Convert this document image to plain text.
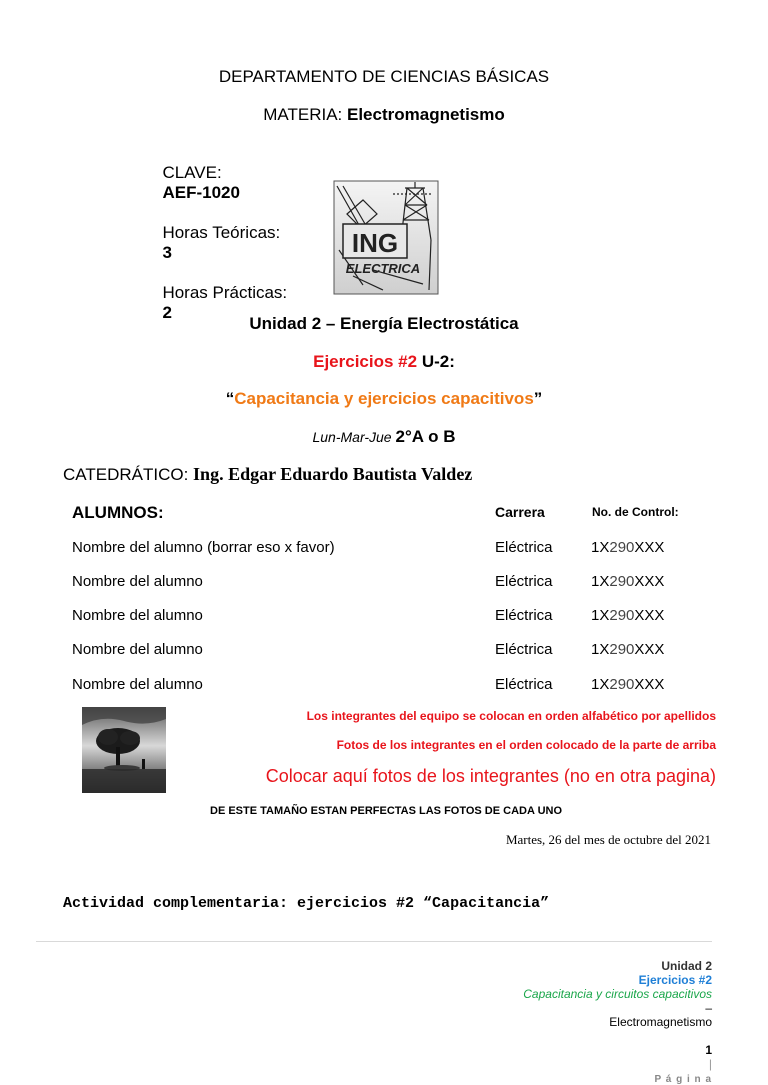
DEPARTAMENTO DE CIENCIAS BÁSICAS
MATERIA: Electromagnetismo

CLAVE:
AEF-1020

Horas Teóricas:
3

Horas Prácticas:
2

ING
ELECTRICA
Unidad 2 – Energía Electrostática
Ejercicios #2 U-2:
“Capacitancia y ejercicios capacitivos”
Lun-Mar-Jue 2°A o B
CATEDRÁTICO: Ing. Edgar Eduardo Bautista Valdez
ALUMNOS:	Carrera	No. de Control:
Nombre del alumno (borrar eso x favor)	Eléctrica	1X290XXX
Nombre del alumno	Eléctrica	1X290XXX
Nombre del alumno	Eléctrica	1X290XXX
Nombre del alumno	Eléctrica	1X290XXX
Nombre del alumno	Eléctrica	1X290XXX
Los integrantes del equipo se colocan en orden alfabético por apellidos
Fotos de los integrantes en el orden colocado de la parte de arriba
Colocar aquí fotos de los integrantes (no en otra pagina)
DE ESTE TAMAÑO ESTAN PERFECTAS LAS FOTOS DE CADA UNO
Martes, 26 del mes de octubre del 2021
Actividad complementaria: ejercicios #2 “Capacitancia”

Unidad 2
Ejercicios #2
Capacitancia y circuitos capacitivos
–
Electromagnetismo

1
|
P á g i n a
